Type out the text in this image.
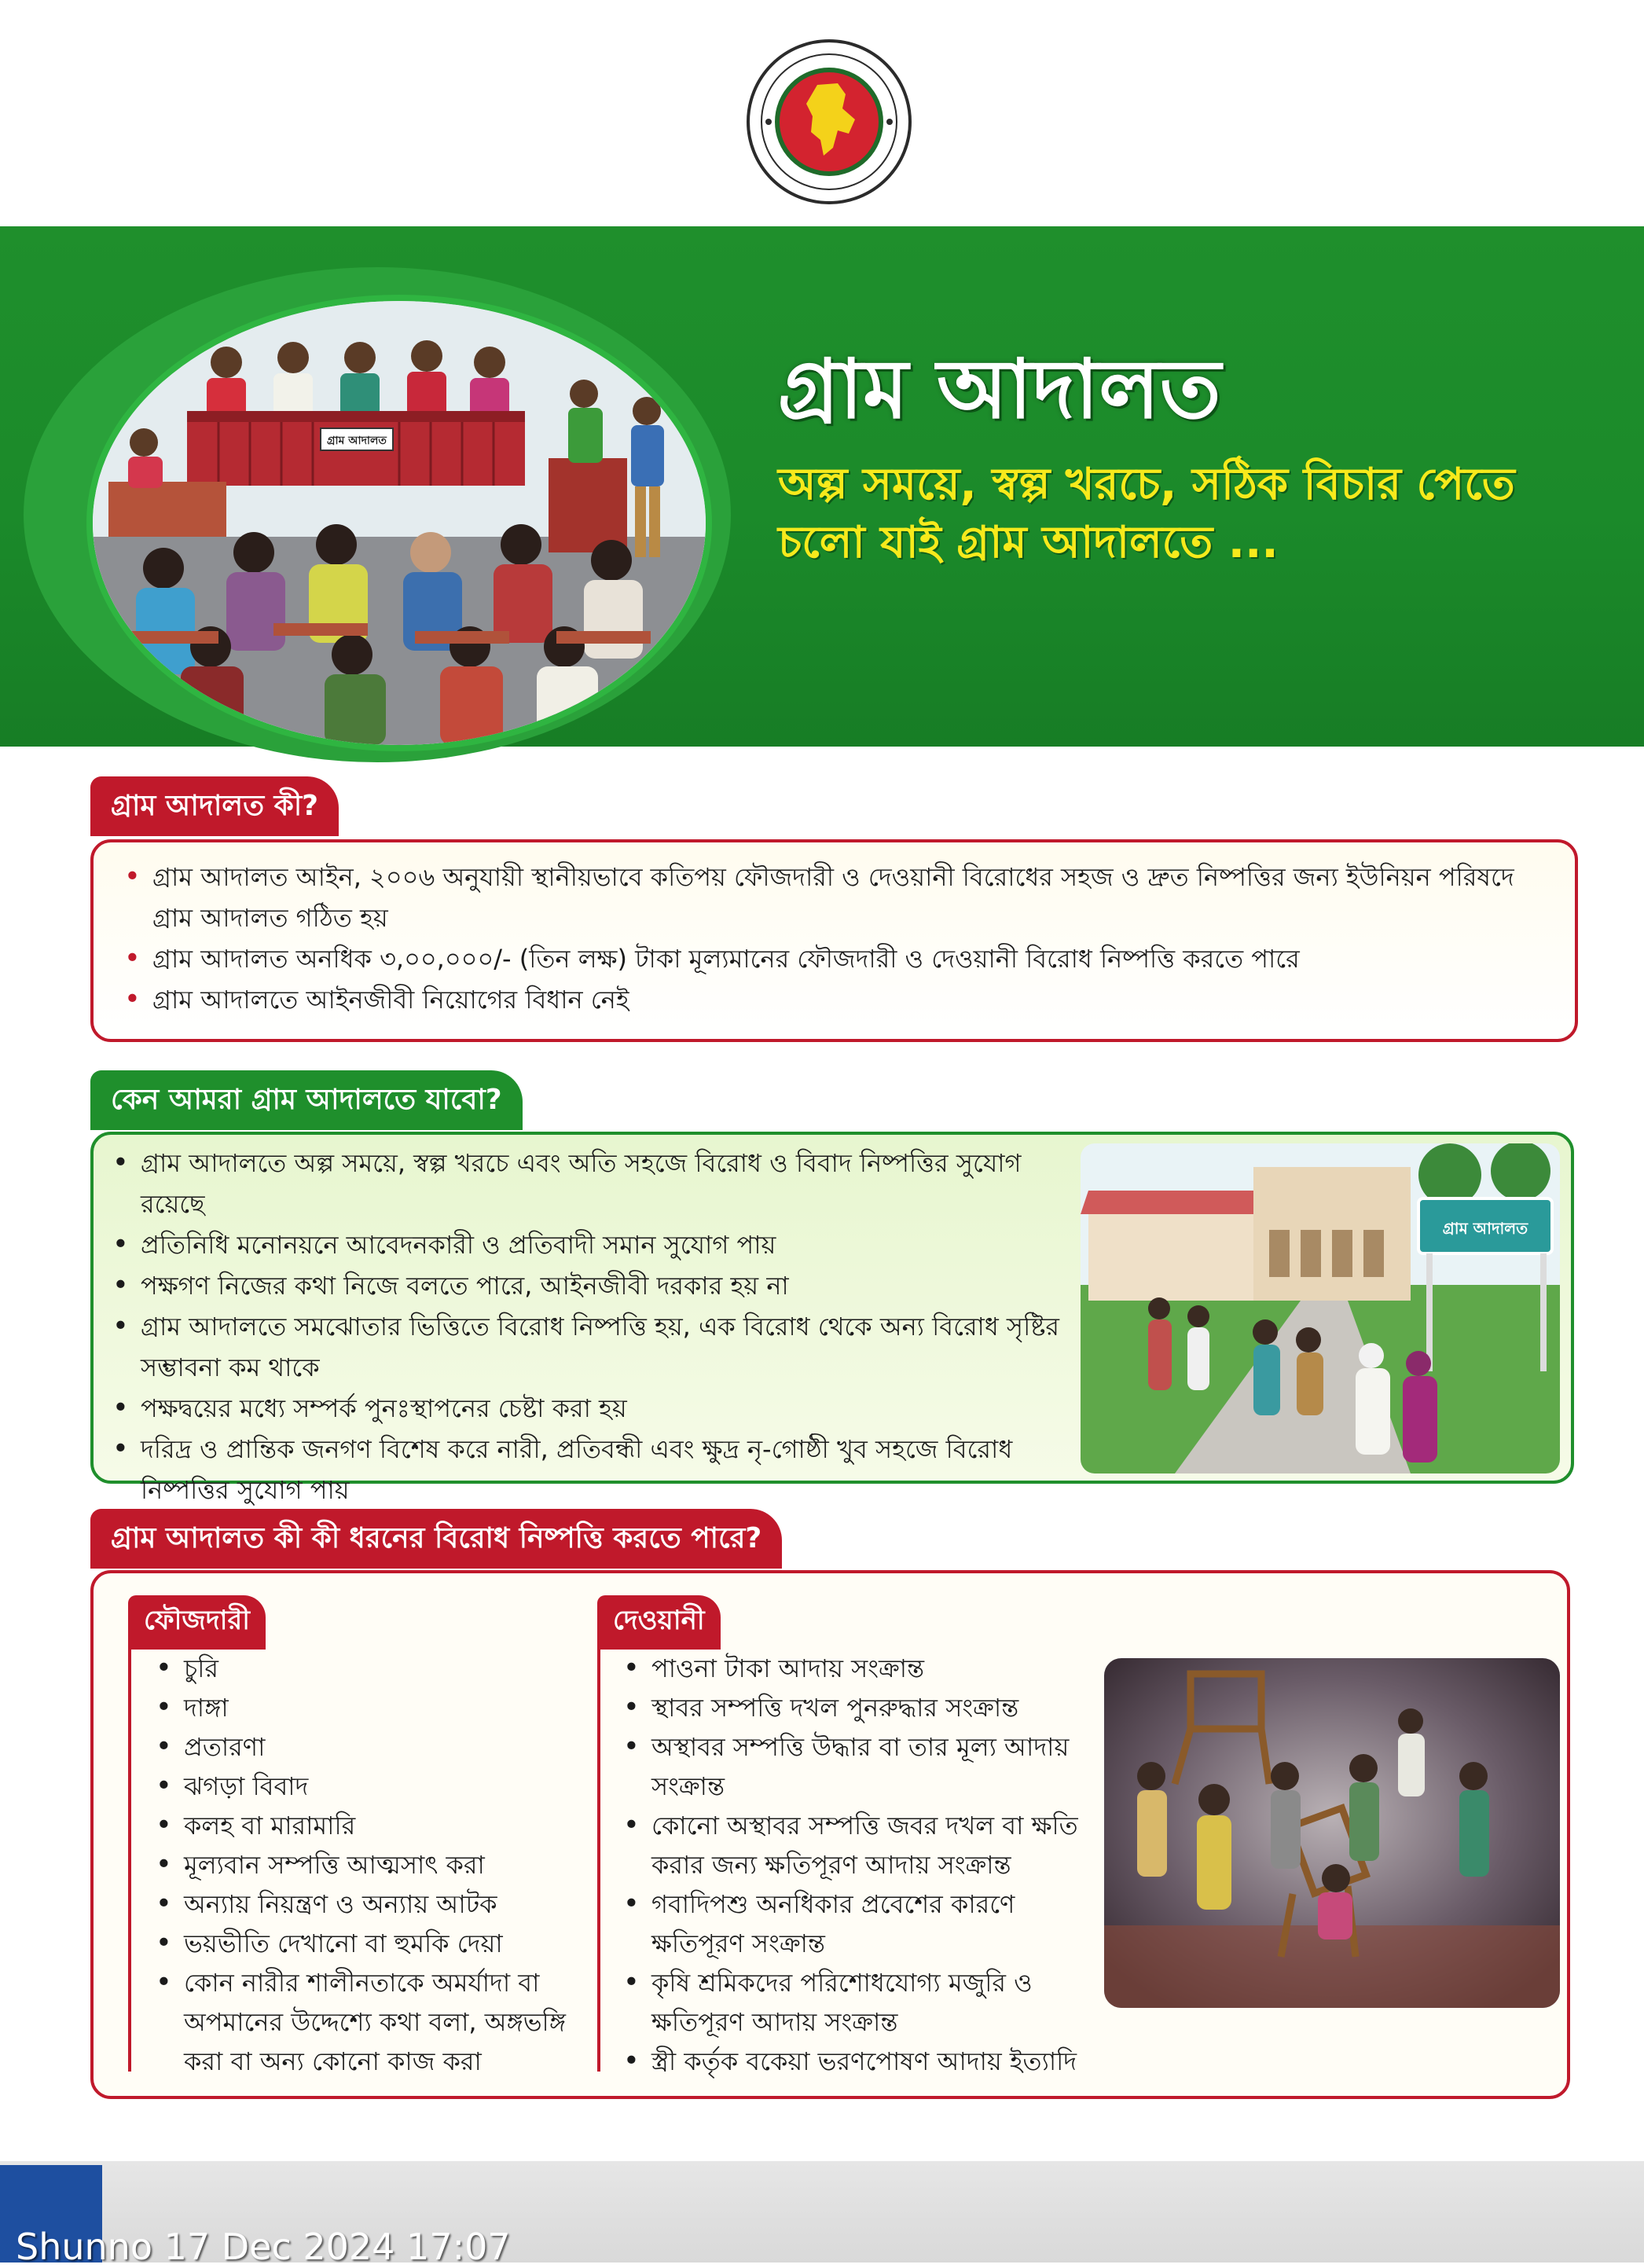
গ্রাম আদালত
গ্রাম আদালত
অল্প সময়ে, স্বল্প খরচে, সঠিক বিচার পেতে
চলো যাই গ্রাম আদালতে ...
গ্রাম আদালত কী?
• গ্রাম আদালত আইন, ২০০৬ অনুযায়ী স্থানীয়ভাবে কতিপয় ফৌজদারী ও দেওয়ানী বিরোধের সহজ ও দ্রুত নিষ্পত্তির জন্য ইউনিয়ন পরিষদে গ্রাম আদালত গঠিত হয়
• গ্রাম আদালত অনধিক ৩,০০,০০০/- (তিন লক্ষ) টাকা মূল্যমানের ফৌজদারী ও দেওয়ানী বিরোধ নিষ্পত্তি করতে পারে
• গ্রাম আদালতে আইনজীবী নিয়োগের বিধান নেই
কেন আমরা গ্রাম আদালতে যাবো?
• গ্রাম আদালতে অল্প সময়ে, স্বল্প খরচে এবং অতি সহজে বিরোধ ও বিবাদ নিষ্পত্তির সুযোগ রয়েছে
• প্রতিনিধি মনোনয়নে আবেদনকারী ও প্রতিবাদী সমান সুযোগ পায়
• পক্ষগণ নিজের কথা নিজে বলতে পারে, আইনজীবী দরকার হয় না
• গ্রাম আদালতে সমঝোতার ভিত্তিতে বিরোধ নিষ্পত্তি হয়, এক বিরোধ থেকে অন্য বিরোধ সৃষ্টির সম্ভাবনা কম থাকে
• পক্ষদ্বয়ের মধ্যে সম্পর্ক পুনঃস্থাপনের চেষ্টা করা হয়
• দরিদ্র ও প্রান্তিক জনগণ বিশেষ করে নারী, প্রতিবন্ধী এবং ক্ষুদ্র নৃ-গোষ্ঠী খুব সহজে বিরোধ নিষ্পত্তির সুযোগ পায়
গ্রাম আদালত
গ্রাম আদালত কী কী ধরনের বিরোধ নিষ্পত্তি করতে পারে?
ফৌজদারী
• চুরি
• দাঙ্গা
• প্রতারণা
• ঝগড়া বিবাদ
• কলহ বা মারামারি
• মূল্যবান সম্পত্তি আত্মসাৎ করা
• অন্যায় নিয়ন্ত্রণ ও অন্যায় আটক
• ভয়ভীতি দেখানো বা হুমকি দেয়া
• কোন নারীর শালীনতাকে অমর্যাদা বা অপমানের উদ্দেশ্যে কথা বলা, অঙ্গভঙ্গি করা বা অন্য কোনো কাজ করা
দেওয়ানী
• পাওনা টাকা আদায় সংক্রান্ত
• স্থাবর সম্পত্তি দখল পুনরুদ্ধার সংক্রান্ত
• অস্থাবর সম্পত্তি উদ্ধার বা তার মূল্য আদায় সংক্রান্ত
• কোনো অস্থাবর সম্পত্তি জবর দখল বা ক্ষতি করার জন্য ক্ষতিপূরণ আদায় সংক্রান্ত
• গবাদিপশু অনধিকার প্রবেশের কারণে ক্ষতিপূরণ সংক্রান্ত
• কৃষি শ্রমিকদের পরিশোধযোগ্য মজুরি ও ক্ষতিপূরণ আদায় সংক্রান্ত
• স্ত্রী কর্তৃক বকেয়া ভরণপোষণ আদায় ইত্যাদি
Shunno 17 Dec 2024 17:07
